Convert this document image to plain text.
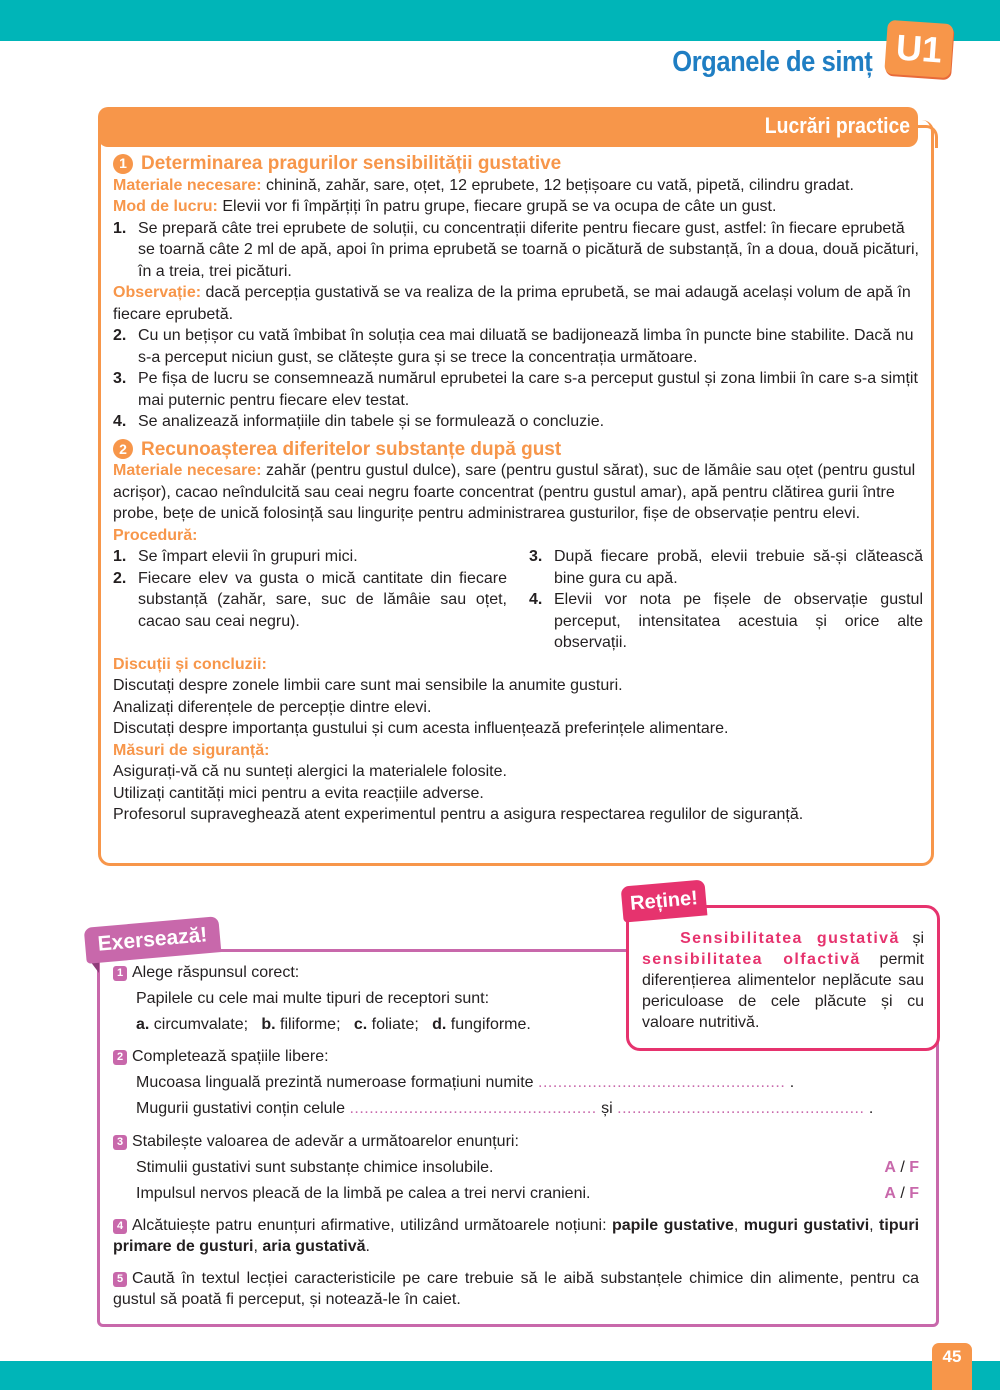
Organele de simț U1
Lucrări practice
1 Determinarea pragurilor sensibilității gustative
Materiale necesare: chinină, zahăr, sare, oțet, 12 eprubete, 12 bețișoare cu vată, pipetă, cilindru gradat.
Mod de lucru: Elevii vor fi împărțiți în patru grupe, fiecare grupă se va ocupa de câte un gust.
1. Se prepară câte trei eprubete de soluții, cu concentrații diferite pentru fiecare gust, astfel: în fiecare eprubetă se toarnă câte 2 ml de apă, apoi în prima eprubetă se toarnă o picătură de substanță, în a doua, două picături, în a treia, trei picături.
Observație: dacă percepția gustativă se va realiza de la prima eprubetă, se mai adaugă același volum de apă în fiecare eprubetă.
2. Cu un bețișor cu vată îmbibat în soluția cea mai diluată se badijonează limba în puncte bine stabilite. Dacă nu s-a perceput niciun gust, se clătește gura și se trece la concentrația următoare.
3. Pe fișa de lucru se consemnează numărul eprubetei la care s-a perceput gustul și zona limbii în care s-a simțit mai puternic pentru fiecare elev testat.
4. Se analizează informațiile din tabele și se formulează o concluzie.
2 Recunoașterea diferitelor substanțe după gust
Materiale necesare: zahăr (pentru gustul dulce), sare (pentru gustul sărat), suc de lămâie sau oțet (pentru gustul acrișor), cacao neîndulcită sau ceai negru foarte concentrat (pentru gustul amar), apă pentru clătirea gurii între probe, bețe de unică folosință sau lingurițe pentru administrarea gusturilor, fișe de observație pentru elevi.
Procedură:
1. Se împart elevii în grupuri mici.
2. Fiecare elev va gusta o mică cantitate din fiecare substanță (zahăr, sare, suc de lămâie sau oțet, cacao sau ceai negru).
3. După fiecare probă, elevii trebuie să-și clătească bine gura cu apă.
4. Elevii vor nota pe fișele de observație gustul perceput, intensitatea acestuia și orice alte observații.
Discuții și concluzii:
Discutați despre zonele limbii care sunt mai sensibile la anumite gusturi.
Analizați diferențele de percepție dintre elevi.
Discutați despre importanța gustului și cum acesta influențează preferințele alimentare.
Măsuri de siguranță:
Asigurați-vă că nu sunteți alergici la materialele folosite.
Utilizați cantități mici pentru a evita reacțiile adverse.
Profesorul supraveghează atent experimentul pentru a asigura respectarea regulilor de siguranță.
Exersează!
Reține!
Sensibilitatea gustativă și sensibilitatea olfactivă permit diferențierea alimentelor neplăcute sau periculoase de cele plăcute și cu valoare nutritivă.
1 Alege răspunsul corect:
Papilele cu cele mai multe tipuri de receptori sunt:
a. circumvalate; b. filiforme; c. foliate; d. fungiforme.
2 Completează spațiile libere:
Mucoasa linguală prezintă numeroase formațiuni numite .................................................. .
Mugurii gustativi conțin celule .................................................. și .................................................. .
3 Stabilește valoarea de adevăr a următoarelor enunțuri:
Stimulii gustativi sunt substanțe chimice insolubile.	A / F
Impulsul nervos pleacă de la limbă pe calea a trei nervi cranieni.	A / F
4 Alcătuiește patru enunțuri afirmative, utilizând următoarele noțiuni: papile gustative, muguri gustativi, tipuri primare de gusturi, aria gustativă.
5 Caută în textul lecției caracteristicile pe care trebuie să le aibă substanțele chimice din alimente, pentru ca gustul să poată fi perceput, și notează-le în caiet.
45
